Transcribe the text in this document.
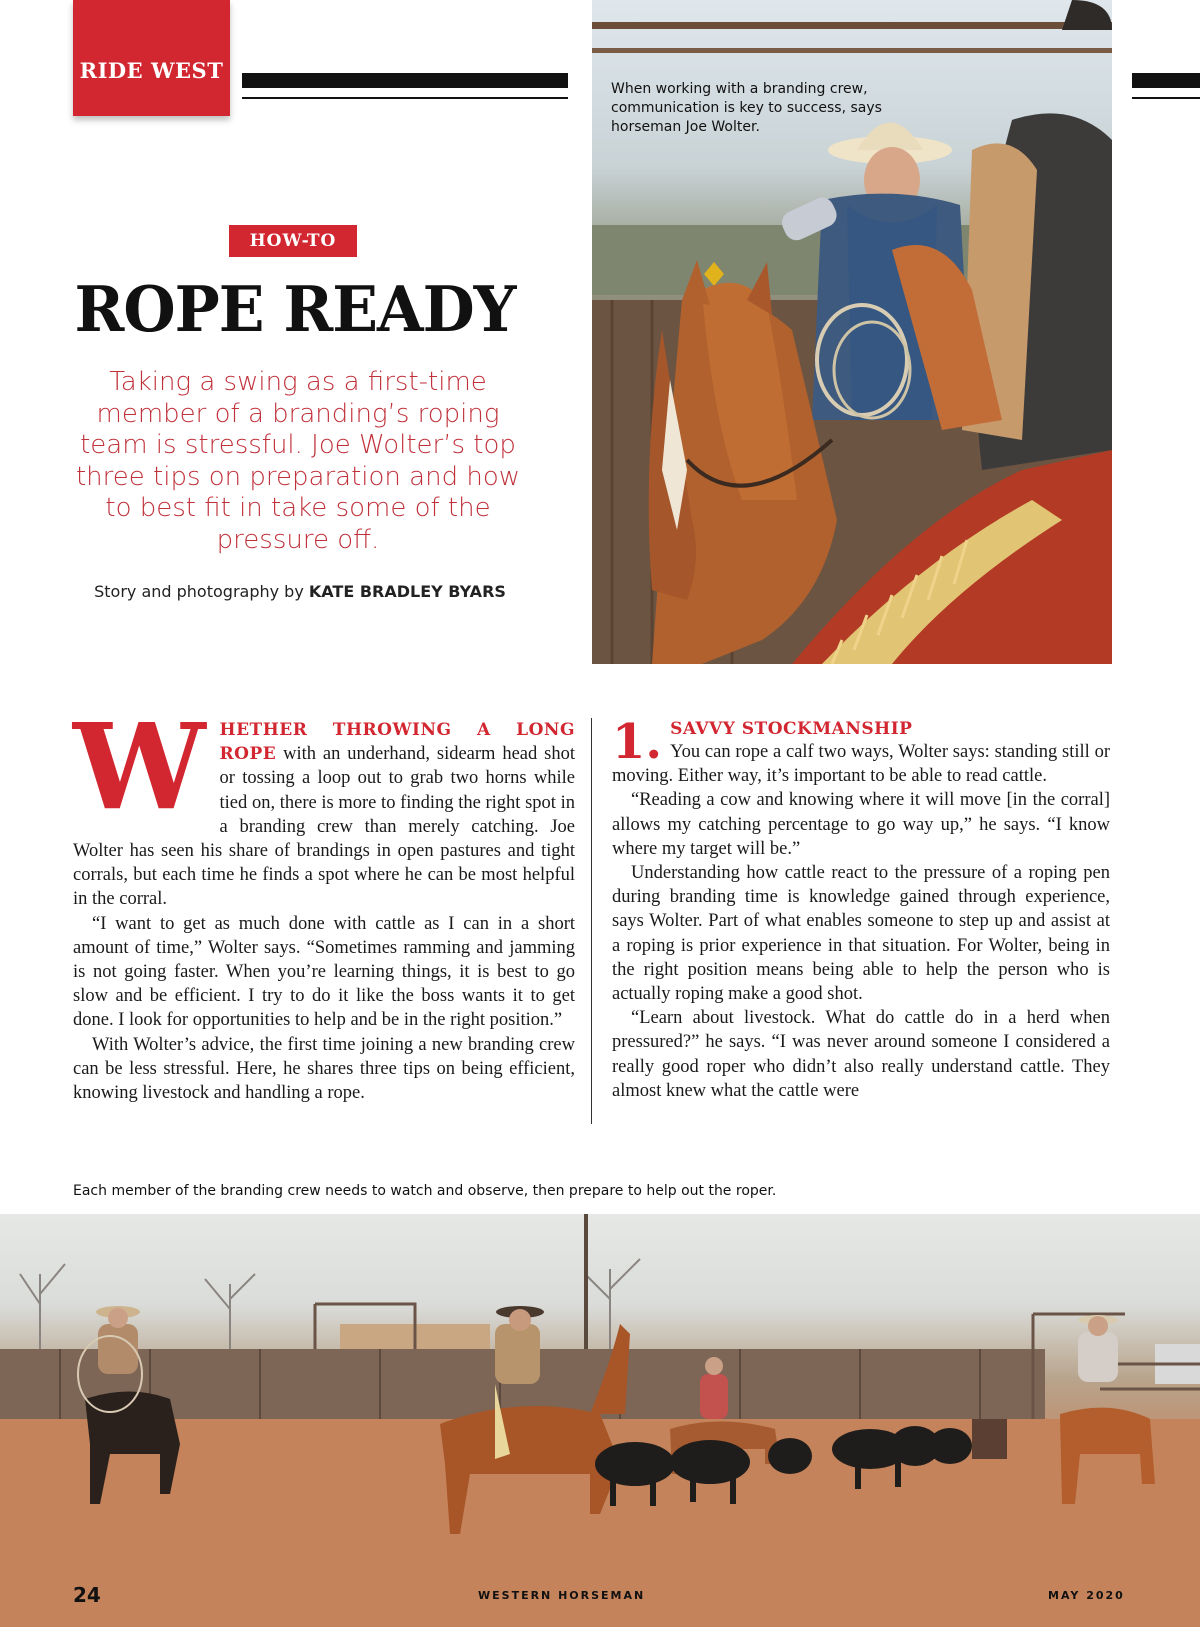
RIDE WEST
When working with a branding crew, communication is key to success, says horseman Joe Wolter.
HOW-TO
ROPE READY
Taking a swing as a first-time member of a branding’s roping team is stressful. Joe Wolter’s top three tips on preparation and how to best fit in take some of the pressure off.
Story and photography by KATE BRADLEY BYARS

WHETHER THROWING A LONG ROPE with an underhand, sidearm head shot or tossing a loop out to grab two horns while tied on, there is more to finding the right spot in a branding crew than merely catching. Joe Wolter has seen his share of brandings in open pastures and tight corrals, but each time he finds a spot where he can be most helpful in the corral.

“I want to get as much done with cattle as I can in a short amount of time,” Wolter says. “Sometimes ramming and jamming is not going faster. When you’re learning things, it is best to go slow and be efficient. I try to do it like the boss wants it to get done. I look for opportunities to help and be in the right position.”

With Wolter’s advice, the first time joining a new branding crew can be less stressful. Here, he shares three tips on being efficient, knowing livestock and handling a rope.

1. SAVVY STOCKMANSHIP
You can rope a calf two ways, Wolter says: standing still or moving. Either way, it’s important to be able to read cattle.

“Reading a cow and knowing where it will move [in the corral] allows my catching percentage to go way up,” he says. “I know where my target will be.”

Understanding how cattle react to the pressure of a roping pen during branding time is knowledge gained through experience, says Wolter. Part of what enables someone to step up and assist at a roping is prior experience in that situation. For Wolter, being in the right position means being able to help the person who is actually roping make a good shot.

“Learn about livestock. What do cattle do in a herd when pressured?” he says. “I was never around someone I considered a really good roper who didn’t also really understand cattle. They almost knew what the cattle were

Each member of the branding crew needs to watch and observe, then prepare to help out the roper.
24	WESTERN HORSEMAN	MAY 2020
